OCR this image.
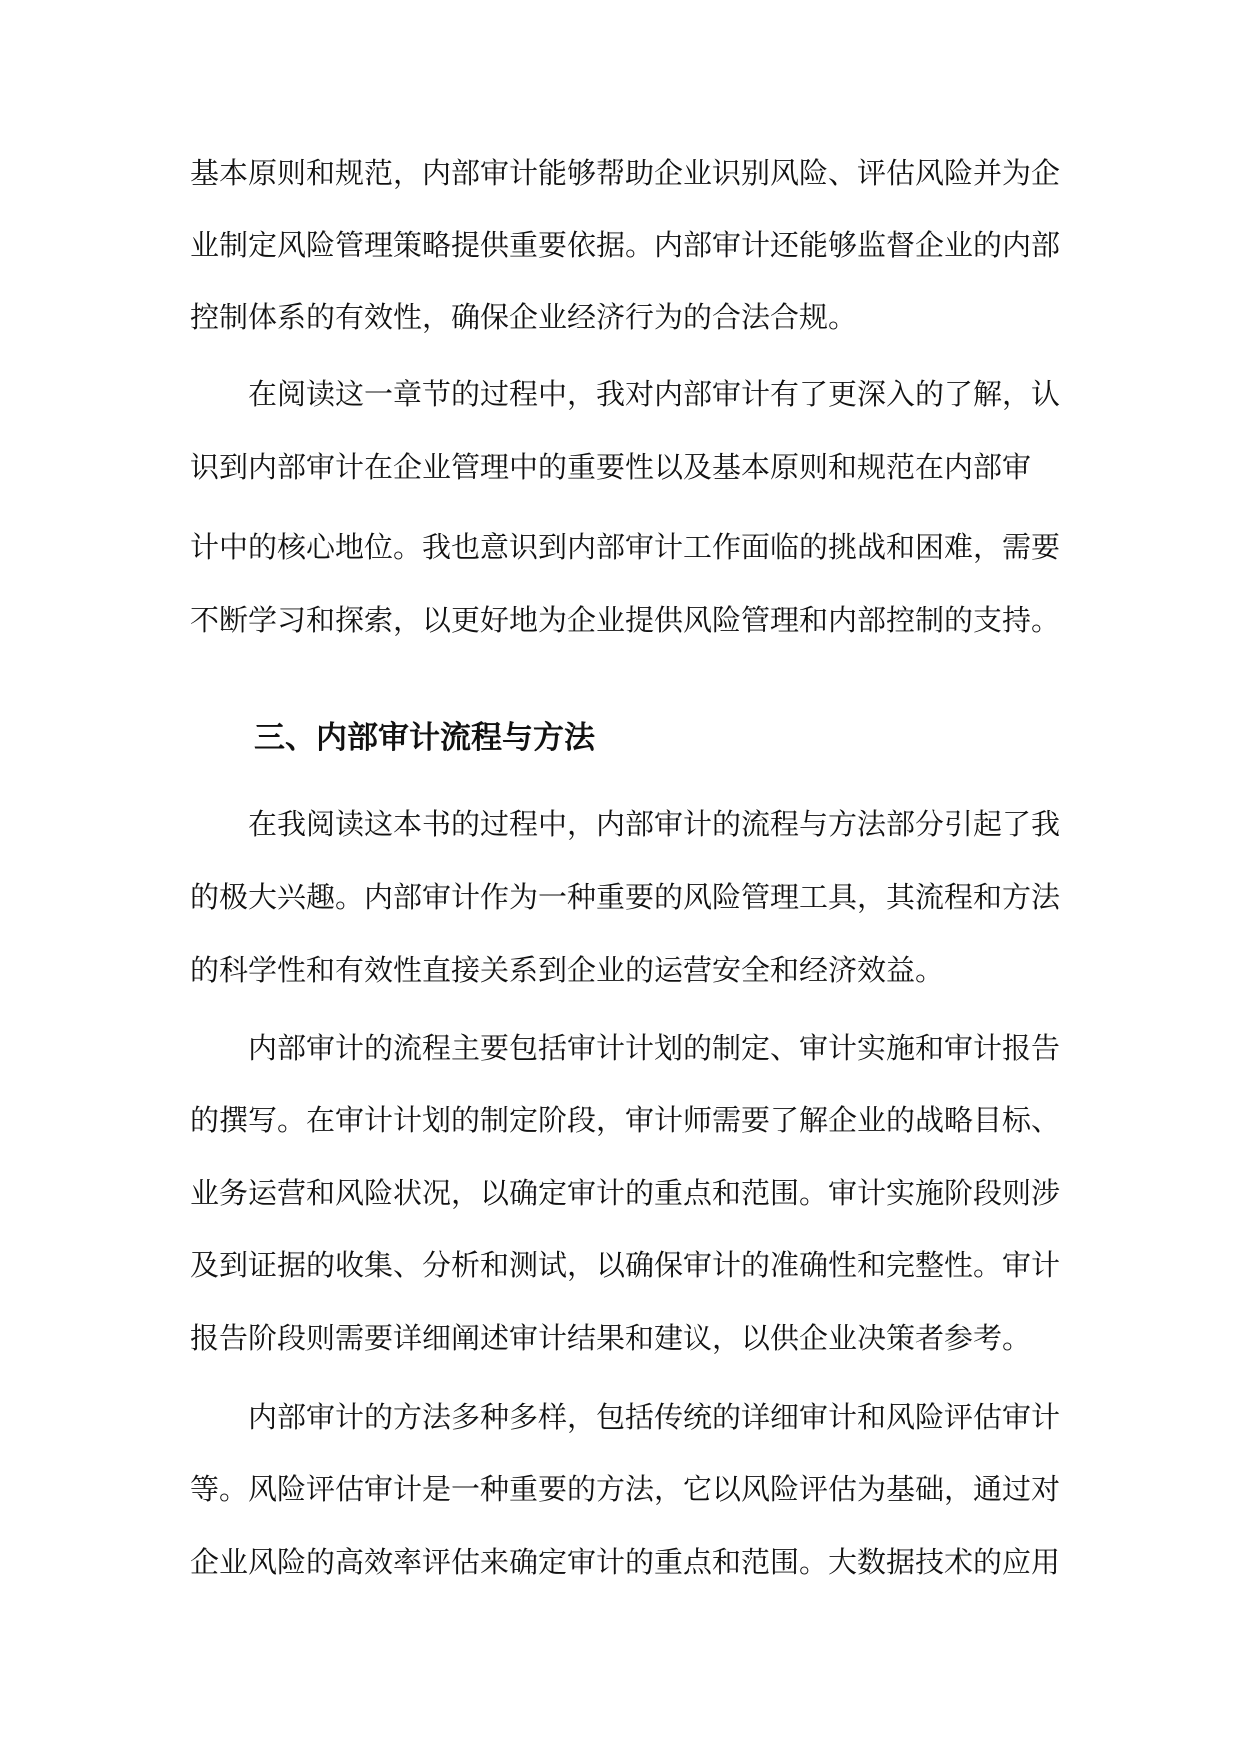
基本原则和规范，内部审计能够帮助企业识别风险、评估风险并为企
业制定风险管理策略提供重要依据。内部审计还能够监督企业的内部
控制体系的有效性，确保企业经济行为的合法合规。
在阅读这一章节的过程中，我对内部审计有了更深入的了解，认
识到内部审计在企业管理中的重要性以及基本原则和规范在内部审
计中的核心地位。我也意识到内部审计工作面临的挑战和困难，需要
不断学习和探索，以更好地为企业提供风险管理和内部控制的支持。
三、内部审计流程与方法
在我阅读这本书的过程中，内部审计的流程与方法部分引起了我
的极大兴趣。内部审计作为一种重要的风险管理工具，其流程和方法
的科学性和有效性直接关系到企业的运营安全和经济效益。
内部审计的流程主要包括审计计划的制定、审计实施和审计报告
的撰写。在审计计划的制定阶段，审计师需要了解企业的战略目标、
业务运营和风险状况，以确定审计的重点和范围。审计实施阶段则涉
及到证据的收集、分析和测试，以确保审计的准确性和完整性。审计
报告阶段则需要详细阐述审计结果和建议，以供企业决策者参考。
内部审计的方法多种多样，包括传统的详细审计和风险评估审计
等。风险评估审计是一种重要的方法，它以风险评估为基础，通过对
企业风险的高效率评估来确定审计的重点和范围。大数据技术的应用
